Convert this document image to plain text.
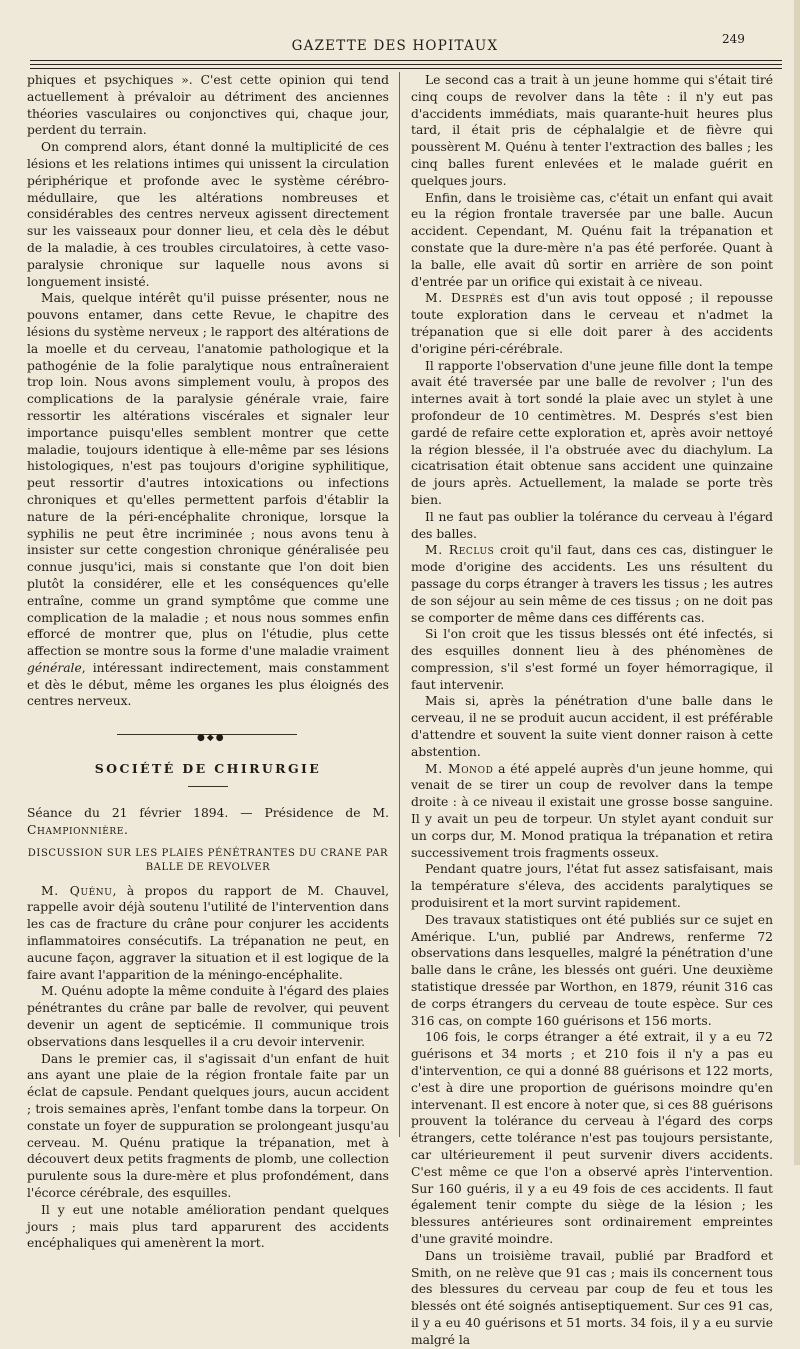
GAZETTE DES HOPITAUX	249

phiques et psychiques ». C'est cette opinion qui tend actuellement à prévaloir au détriment des anciennes théories vasculaires ou conjonctives qui, chaque jour, perdent du terrain.

On comprend alors, étant donné la multiplicité de ces lésions et les relations intimes qui unissent la circulation périphérique et profonde avec le système cérébro-médullaire, que les altérations nombreuses et considérables des centres nerveux agissent directement sur les vaisseaux pour donner lieu, et cela dès le début de la maladie, à ces troubles circulatoires, à cette vaso-paralysie chronique sur laquelle nous avons si longuement insisté.

Mais, quelque intérêt qu'il puisse présenter, nous ne pouvons entamer, dans cette Revue, le chapitre des lésions du système nerveux ; le rapport des altérations de la moelle et du cerveau, l'anatomie pathologique et la pathogénie de la folie paralytique nous entraîneraient trop loin. Nous avons simplement voulu, à propos des complications de la paralysie générale vraie, faire ressortir les altérations viscérales et signaler leur importance puisqu'elles semblent montrer que cette maladie, toujours identique à elle-même par ses lésions histologiques, n'est pas toujours d'origine syphilitique, peut ressortir d'autres intoxications ou infections chroniques et qu'elles permettent parfois d'établir la nature de la péri-encéphalite chronique, lorsque la syphilis ne peut être incriminée ; nous avons tenu à insister sur cette congestion chronique généralisée peu connue jusqu'ici, mais si constante que l'on doit bien plutôt la considérer, elle et les conséquences qu'elle entraîne, comme un grand symptôme que comme une complication de la maladie ; et nous nous sommes enfin efforcé de montrer que, plus on l'étudie, plus cette affection se montre sous la forme d'une maladie vraiment générale, intéressant indirectement, mais constamment et dès le début, même les organes les plus éloignés des centres nerveux.

●◆●
SOCIÉTÉ DE CHIRURGIE

Séance du 21 février 1894. — Présidence de M. Championnière.

DISCUSSION SUR LES PLAIES PÉNÉTRANTES DU CRANE PAR BALLE DE REVOLVER

M. Quénu, à propos du rapport de M. Chauvel, rappelle avoir déjà soutenu l'utilité de l'intervention dans les cas de fracture du crâne pour conjurer les accidents inflammatoires consécutifs. La trépanation ne peut, en aucune façon, aggraver la situation et il est logique de la faire avant l'apparition de la méningo-encéphalite.

M. Quénu adopte la même conduite à l'égard des plaies pénétrantes du crâne par balle de revolver, qui peuvent devenir un agent de septicémie. Il communique trois observations dans lesquelles il a cru devoir intervenir.

Dans le premier cas, il s'agissait d'un enfant de huit ans ayant une plaie de la région frontale faite par un éclat de capsule. Pendant quelques jours, aucun accident ; trois semaines après, l'enfant tombe dans la torpeur. On constate un foyer de suppuration se prolongeant jusqu'au cerveau. M. Quénu pratique la trépanation, met à découvert deux petits fragments de plomb, une collection purulente sous la dure-mère et plus profondément, dans l'écorce cérébrale, des esquilles.

Il y eut une notable amélioration pendant quelques jours ; mais plus tard apparurent des accidents encéphaliques qui amenèrent la mort.

Le second cas a trait à un jeune homme qui s'était tiré cinq coups de revolver dans la tête : il n'y eut pas d'accidents immédiats, mais quarante-huit heures plus tard, il était pris de céphalalgie et de fièvre qui poussèrent M. Quénu à tenter l'extraction des balles ; les cinq balles furent enlevées et le malade guérit en quelques jours.

Enfin, dans le troisième cas, c'était un enfant qui avait eu la région frontale traversée par une balle. Aucun accident. Cependant, M. Quénu fait la trépanation et constate que la dure-mère n'a pas été perforée. Quant à la balle, elle avait dû sortir en arrière de son point d'entrée par un orifice qui existait à ce niveau.

M. Després est d'un avis tout opposé ; il repousse toute exploration dans le cerveau et n'admet la trépanation que si elle doit parer à des accidents d'origine péri-cérébrale.

Il rapporte l'observation d'une jeune fille dont la tempe avait été traversée par une balle de revolver ; l'un des internes avait à tort sondé la plaie avec un stylet à une profondeur de 10 centimètres. M. Després s'est bien gardé de refaire cette exploration et, après avoir nettoyé la région blessée, il l'a obstruée avec du diachylum. La cicatrisation était obtenue sans accident une quinzaine de jours après. Actuellement, la malade se porte très bien.

Il ne faut pas oublier la tolérance du cerveau à l'égard des balles.

M. Reclus croit qu'il faut, dans ces cas, distinguer le mode d'origine des accidents. Les uns résultent du passage du corps étranger à travers les tissus ; les autres de son séjour au sein même de ces tissus ; on ne doit pas se comporter de même dans ces différents cas.

Si l'on croit que les tissus blessés ont été infectés, si des esquilles donnent lieu à des phénomènes de compression, s'il s'est formé un foyer hémorragique, il faut intervenir.

Mais si, après la pénétration d'une balle dans le cerveau, il ne se produit aucun accident, il est préférable d'attendre et souvent la suite vient donner raison à cette abstention.

M. Monod a été appelé auprès d'un jeune homme, qui venait de se tirer un coup de revolver dans la tempe droite : à ce niveau il existait une grosse bosse sanguine. Il y avait un peu de torpeur. Un stylet ayant conduit sur un corps dur, M. Monod pratiqua la trépanation et retira successivement trois fragments osseux.

Pendant quatre jours, l'état fut assez satisfaisant, mais la température s'éleva, des accidents paralytiques se produisirent et la mort survint rapidement.

Des travaux statistiques ont été publiés sur ce sujet en Amérique. L'un, publié par Andrews, renferme 72 observations dans lesquelles, malgré la pénétration d'une balle dans le crâne, les blessés ont guéri. Une deuxième statistique dressée par Worthon, en 1879, réunit 316 cas de corps étrangers du cerveau de toute espèce. Sur ces 316 cas, on compte 160 guérisons et 156 morts.

106 fois, le corps étranger a été extrait, il y a eu 72 guérisons et 34 morts ; et 210 fois il n'y a pas eu d'intervention, ce qui a donné 88 guérisons et 122 morts, c'est à dire une proportion de guérisons moindre qu'en intervenant. Il est encore à noter que, si ces 88 guérisons prouvent la tolérance du cerveau à l'égard des corps étrangers, cette tolérance n'est pas toujours persistante, car ultérieurement il peut survenir divers accidents. C'est même ce que l'on a observé après l'intervention. Sur 160 guéris, il y a eu 49 fois de ces accidents. Il faut également tenir compte du siège de la lésion ; les blessures antérieures sont ordinairement empreintes d'une gravité moindre.

Dans un troisième travail, publié par Bradford et Smith, on ne relève que 91 cas ; mais ils concernent tous des blessures du cerveau par coup de feu et tous les blessés ont été soignés antiseptiquement. Sur ces 91 cas, il y a eu 40 guérisons et 51 morts. 34 fois, il y a eu survie malgré la
